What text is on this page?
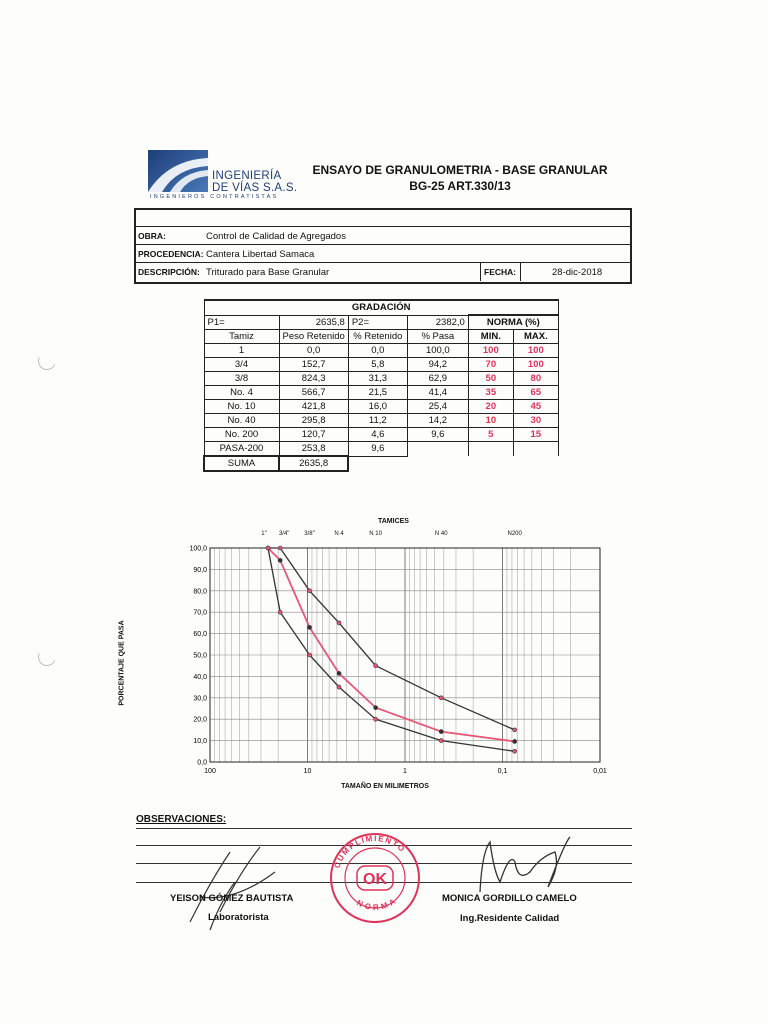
INGENIERÍA
DE VÍAS S.A.S.
INGENIEROS CONTRATISTAS
ENSAYO DE GRANULOMETRIA - BASE GRANULAR
BG-25 ART.330/13
OBRA:	Control de Calidad de Agregados
PROCEDENCIA: Cantera Libertad Samaca
DESCRIPCIÓN: Triturado para Base Granular	FECHA:	28-dic-2018
GRADACIÓN					
P1=	2635,8	P2=	2382,0	NORMA (%)	
Tamiz	Peso Retenido	% Retenido	% Pasa	MIN.	MAX.
1	0,0	0,0	100,0	100	100
3/4	152,7	5,8	94,2	70	100
3/8	824,3	31,3	62,9	50	80
No. 4	566,7	21,5	41,4	35	65
No. 10	421,8	16,0	25,4	20	45
No. 40	295,8	11,2	14,2	10	30
No. 200	120,7	4,6	9,6	5	15
PASA-200	253,8	9,6			
SUMA	2635,8				
TAMICES
1" 3/4" 3/8"	N 4	N 10	N 40	N200
PORCENTAJE QUE PASA
TAMAÑO EN MILIMETROS
0,0
10,0
20,0
30,0
40,0
50,0
60,0
70,0
80,0
90,0
100,0
100	10	1	0,1	0,01
OBSERVACIONES:
YEISON GÓMEZ BAUTISTA
Laboratorista
CUMPLIMIENTO
NORMA
OK
MONICA GORDILLO CAMELO
Ing.Residente Calidad
